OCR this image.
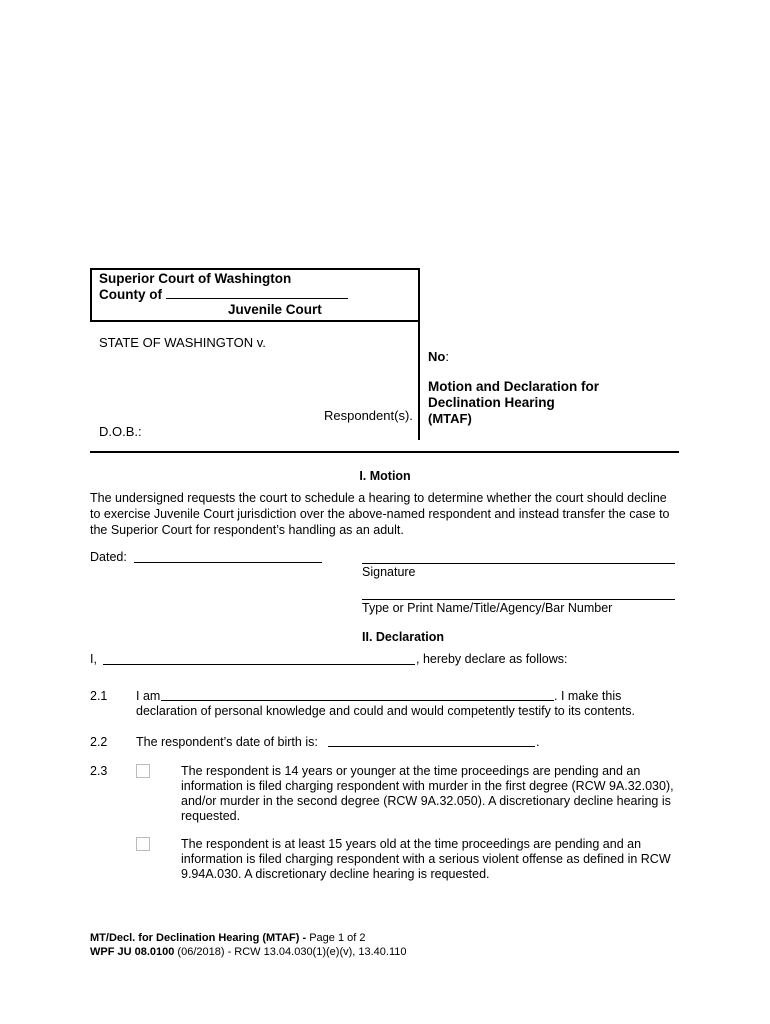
Superior Court of Washington
County of
Juvenile Court
STATE OF WASHINGTON v.
Respondent(s).
D.O.B.:
No:
Motion and Declaration for
Declination Hearing
(MTAF)
I. Motion
The undersigned requests the court to schedule a hearing to determine whether the court should decline to exercise Juvenile Court jurisdiction over the above-named respondent and instead transfer the case to the Superior Court for respondent’s handling as an adult.
Dated:
Signature
Type or Print Name/Title/Agency/Bar Number
II. Declaration
I,	, hereby declare as follows:
2.1 I am	. I make this
declaration of personal knowledge and could and would competently testify to its contents.
2.2 The respondent’s date of birth is:	.
2.3	The respondent is 14 years or younger at the time proceedings are pending and an information is filed charging respondent with murder in the first degree (RCW 9A.32.030), and/or murder in the second degree (RCW 9A.32.050). A discretionary decline hearing is requested.
The respondent is at least 15 years old at the time proceedings are pending and an information is filed charging respondent with a serious violent offense as defined in RCW 9.94A.030. A discretionary decline hearing is requested.
MT/Decl. for Declination Hearing (MTAF) - Page 1 of 2
WPF JU 08.0100 (06/2018) - RCW 13.04.030(1)(e)(v), 13.40.110
